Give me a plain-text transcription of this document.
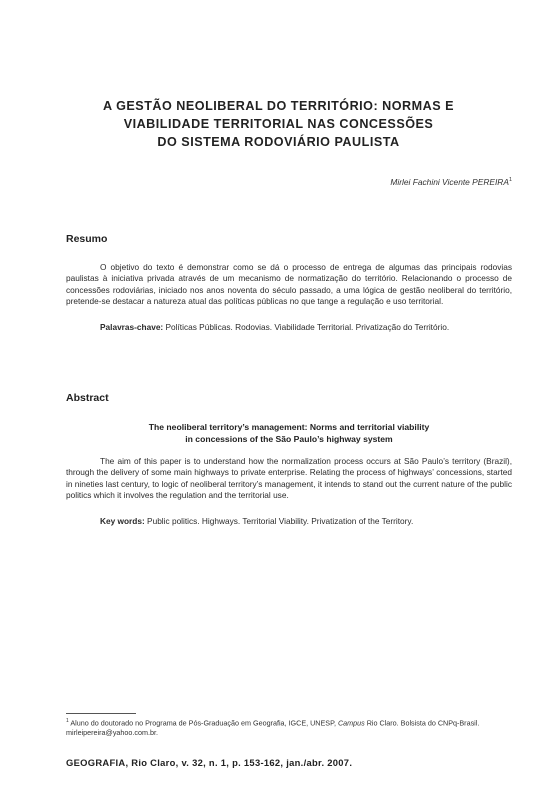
A GESTÃO NEOLIBERAL DO TERRITÓRIO: NORMAS E
VIABILIDADE TERRITORIAL NAS CONCESSÕES
DO SISTEMA RODOVIÁRIO PAULISTA
Mirlei Fachini Vicente PEREIRA$^1$
Resumo
O objetivo do texto é demonstrar como se dá o processo de entrega de algumas das principais rodovias paulistas à iniciativa privada através de um mecanismo de normatização do território. Relacionando o processo de concessões rodoviárias, iniciado nos anos noventa do século passado, a uma lógica de gestão neoliberal do território, pretende-se destacar a natureza atual das políticas públicas no que tange a regulação e uso territorial.
Palavras-chave: Políticas Públicas. Rodovias. Viabilidade Territorial. Privatização do Território.
Abstract
The neoliberal territory’s management: Norms and territorial viability
in concessions of the São Paulo’s highway system
The aim of this paper is to understand how the normalization process occurs at São Paulo’s territory (Brazil), through the delivery of some main highways to private enterprise. Relating the process of highways’ concessions, started in nineties last century, to logic of neoliberal territory’s management, it intends to stand out the current nature of the public politics which it involves the regulation and the territorial use.
Key words: Public politics. Highways. Territorial Viability. Privatization of the Territory.
$^1$ Aluno do doutorado no Programa de Pós-Graduação em Geografia, IGCE, UNESP, Campus Rio Claro. Bolsista do CNPq-Brasil. mirleipereira@yahoo.com.br.
GEOGRAFIA, Rio Claro, v. 32, n. 1, p. 153-162, jan./abr. 2007.
